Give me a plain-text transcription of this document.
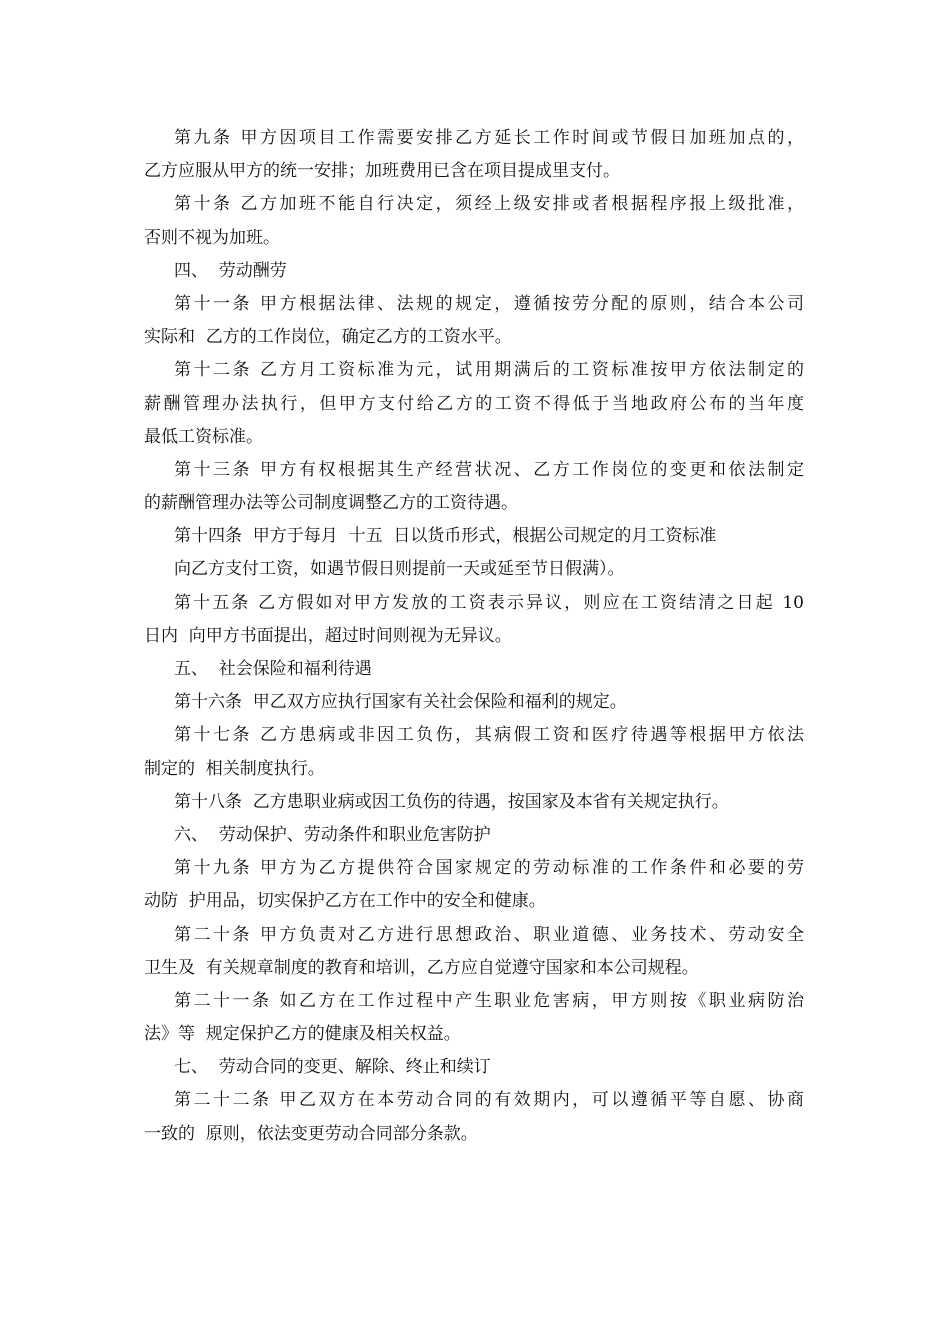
第九条 甲方因项目工作需要安排乙方延长工作时间或节假日加班加点的，
乙方应服从甲方的统一安排；加班费用已含在项目提成里支付。
第十条 乙方加班不能自行决定，须经上级安排或者根据程序报上级批准，
否则不视为加班。
四、  劳动酬劳
第十一条 甲方根据法律、法规的规定，遵循按劳分配的原则，结合本公司
实际和  乙方的工作岗位，确定乙方的工资水平。
第十二条 乙方月工资标准为元，试用期满后的工资标准按甲方依法制定的
薪酬管理办法执行，但甲方支付给乙方的工资不得低于当地政府公布的当年度
最低工资标准。
第十三条 甲方有权根据其生产经营状况、乙方工作岗位的变更和依法制定
的薪酬管理办法等公司制度调整乙方的工资待遇。
第十四条  甲方于每月  十五  日以货币形式，根据公司规定的月工资标准
向乙方支付工资，如遇节假日则提前一天或延至节日假满）。
第十五条 乙方假如对甲方发放的工资表示异议，则应在工资结清之日起 10
日内  向甲方书面提出，超过时间则视为无异议。
五、  社会保险和福利待遇
第十六条  甲乙双方应执行国家有关社会保险和福利的规定。
第十七条 乙方患病或非因工负伤，其病假工资和医疗待遇等根据甲方依法
制定的  相关制度执行。
第十八条  乙方患职业病或因工负伤的待遇，按国家及本省有关规定执行。
六、  劳动保护、劳动条件和职业危害防护
第十九条 甲方为乙方提供符合国家规定的劳动标准的工作条件和必要的劳
动防  护用品，切实保护乙方在工作中的安全和健康。
第二十条 甲方负责对乙方进行思想政治、职业道德、业务技术、劳动安全
卫生及  有关规章制度的教育和培训，乙方应自觉遵守国家和本公司规程。
第二十一条 如乙方在工作过程中产生职业危害病，甲方则按《职业病防治
法》等  规定保护乙方的健康及相关权益。
七、  劳动合同的变更、解除、终止和续订
第二十二条 甲乙双方在本劳动合同的有效期内，可以遵循平等自愿、协商
一致的  原则，依法变更劳动合同部分条款。
